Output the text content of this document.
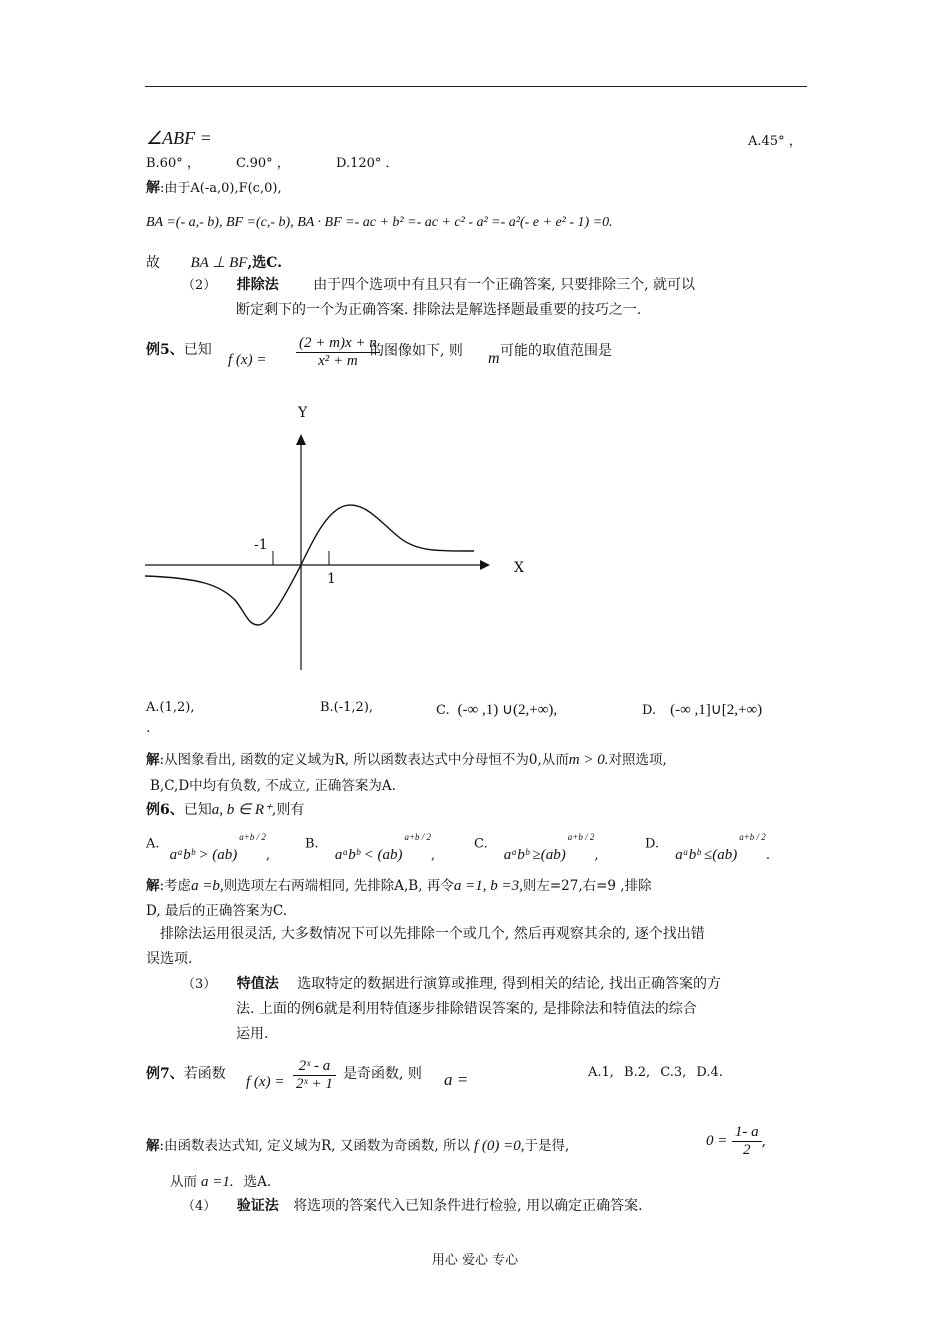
∠ABF =	A.45° ，
B.60° ，	C.90° ，	D.120° ．
解:由于A(-a,0),F(c,0),
BA =(- a,- b), BF =(c,- b), BA · BF =- ac + b² =- ac + c² - a² =- a²(- e + e² - 1) =0.
故 BA ⊥ BF,选C.
（2） 排除法 由于四个选项中有且只有一个正确答案, 只要排除三个, 就可以
断定剩下的一个为正确答案. 排除法是解选择题最重要的技巧之一.
例5、已知
f $(x) = \frac{(2 + m)x + n}{\text{x² + m}}$
的图像如下, 则 m 可能的取值范围是
Y
X
-1
1
A.(1,2),	B.(-1,2),	C. (-∞ ,1) ∪(2,+∞),	D. (-∞ ,1]∪[2,+∞)
.
解:从图象看出, 函数的定义域为R, 所以函数表达式中分母恒不为0,从而m > 0.对照选项,
B,C,D中均有负数, 不成立, 正确答案为A.
例6、已知a, b ∈ R⁺,则有
A. aᵃbᵇ > (ab)$^{a+b / 2}$,
B. aᵃbᵇ < (ab)$^{a+b / 2}$,
C. aᵃbᵇ ≥(ab)$^{a+b / 2}$,
D. aᵃbᵇ ≤(ab)$^{a+b / 2}$.
解:考虑a =b,则选项左右两端相同, 先排除A,B, 再令a =1, b =3,则左=27,右=9 ,排除
D, 最后的正确答案为C.
排除法运用很灵活, 大多数情况下可以先排除一个或几个, 然后再观察其余的, 逐个找出错
误选项.
（3） 特值法 选取特定的数据进行演算或推理, 得到相关的结论, 找出正确答案的方
法. 上面的例6就是利用特值逐步排除错误答案的, 是排除法和特值法的综合
运用.
例7、若函数 f $(x) = \frac{\text{2ˣ - a}}{\text{2ˣ + 1}}$ 是奇函数, 则 a =	A.1, B.2, C.3, D.4.
解:由函数表达式知, 定义域为R, 又函数为奇函数, 所以 f (0) =0,于是得,	$0 = \frac{1- a}{2}$ ,
从而 a =1. 选A.
（4） 验证法 将选项的答案代入已知条件进行检验, 用以确定正确答案.
用心 爱心 专心
